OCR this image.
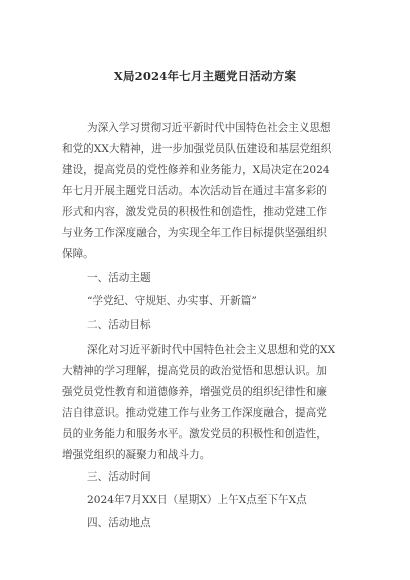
X局2024年七月主题党日活动方案
为深入学习贯彻习近平新时代中国特色社会主义思想
和党的XX大精神，进一步加强党员队伍建设和基层党组织
建设，提高党员的党性修养和业务能力，X局决定在2024
年七月开展主题党日活动。本次活动旨在通过丰富多彩的
形式和内容，激发党员的积极性和创造性，推动党建工作
与业务工作深度融合，为实现全年工作目标提供坚强组织
保障。
一、活动主题
“学党纪、守规矩、办实事、开新篇”
二、活动目标
深化对习近平新时代中国特色社会主义思想和党的XX
大精神的学习理解，提高党员的政治觉悟和思想认识。加
强党员党性教育和道德修养，增强党员的组织纪律性和廉
洁自律意识。推动党建工作与业务工作深度融合，提高党
员的业务能力和服务水平。激发党员的积极性和创造性，
增强党组织的凝聚力和战斗力。
三、活动时间
2024年7月XX日（星期X）上午X点至下午X点
四、活动地点
